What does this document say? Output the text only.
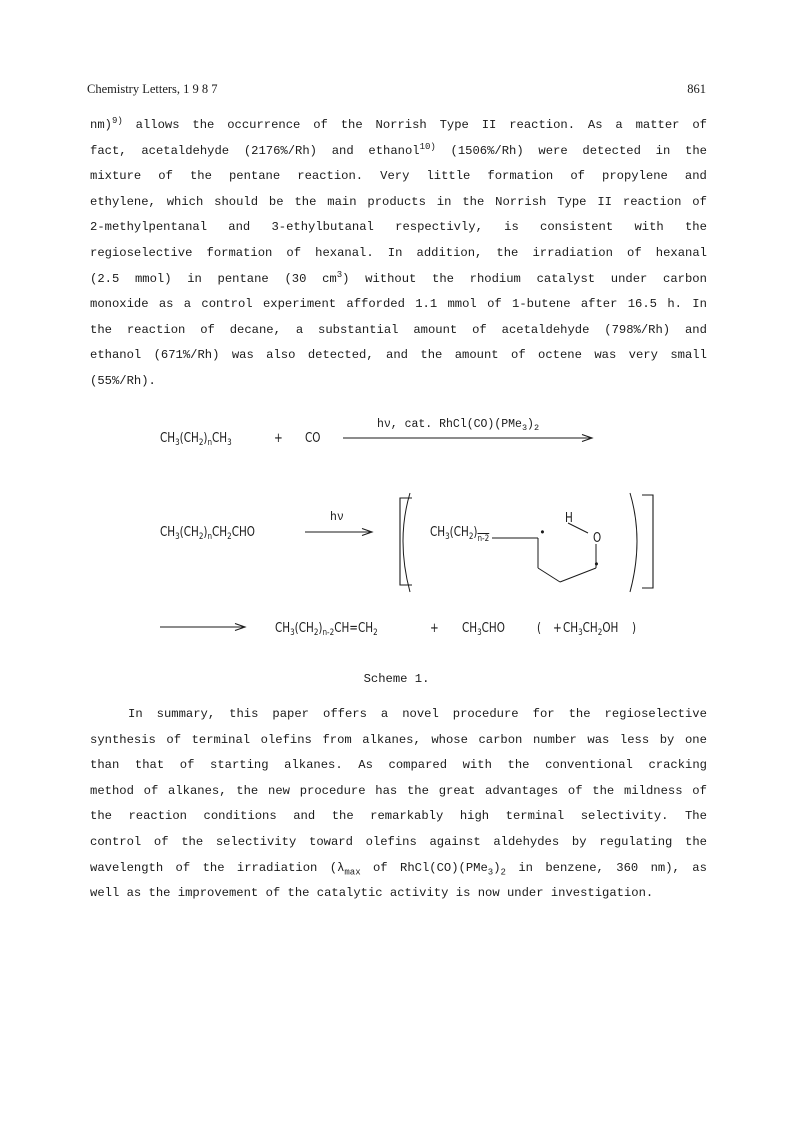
Chemistry Letters, 1 9 8 7	861
nm)$^{9)}$ allows the occurrence of the Norrish Type II reaction. As a matter of
fact, acetaldehyde (2176%/Rh) and ethanol$^{10)}$ (1506%/Rh) were detected in the
mixture of the pentane reaction. Very little formation of propylene and
ethylene, which should be the main products in the Norrish Type II reaction of
2-methylpentanal and 3-ethylbutanal respectivly, is consistent with the
regioselective formation of hexanal. In addition, the irradiation of hexanal
(2.5 mmol) in pentane (30 $cm^3$) without the rhodium catalyst under carbon
monoxide as a control experiment afforded 1.1 mmol of 1-butene after 16.5 h. In
the reaction of decane, a substantial amount of acetaldehyde (798%/Rh) and
ethanol (671%/Rh) was also detected, and the amount of octene was very small
(55%/Rh).
$CH_3(CH_2)_nCH_3$	+ CO
hν, cat. $RhCl(CO)(PMe_3)_2$
$CH_3(CH_2)_nCH_2CHO$
hν
$CH_3(CH_2)_{n-2}$	•
•
H
O
$CH_3(CH_2)_{n-2}CH=CH_2$	+ $CH_3CHO$ ( + $CH_3CH_2OH$ )
Scheme 1.
In summary, this paper offers a novel procedure for the regioselective
synthesis of terminal olefins from alkanes, whose carbon number was less by one
than that of starting alkanes. As compared with the conventional cracking
method of alkanes, the new procedure has the great advantages of the mildness of
the reaction conditions and the remarkably high terminal selectivity. The
control of the selectivity toward olefins against aldehydes by regulating the
wavelength of the irradiation ($\lambda_{max}$ of $RhCl(CO)(PMe_3)_2$ in benzene, 360 nm), as
well as the improvement of the catalytic activity is now under investigation.
